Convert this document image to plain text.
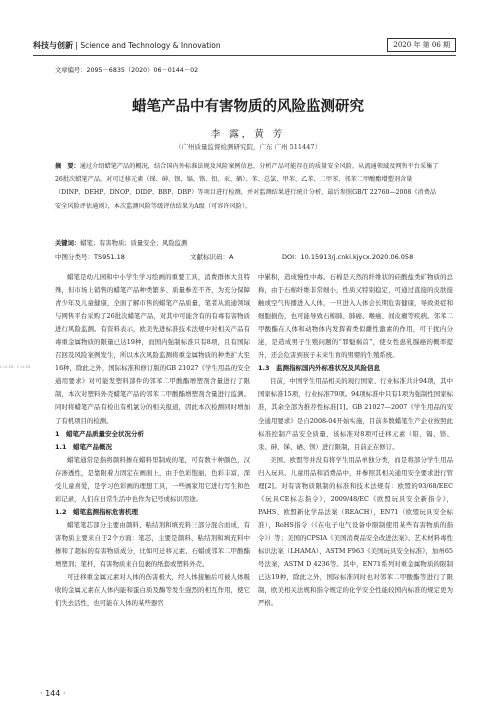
科技与创新 | Science and Technology & Innovation	2020 年 第 06 期
文章编号：2095－6835（2020）06－0144－02
蜡笔产品中有害物质的风险监测研究
李 露，黄 芳
（广州质量监督检测研究院，广东 广州 511447）
摘　要：通过介绍蜡笔产品的概况，结合国内外标准法规及风险案例信息，分析产品可能存在的质量安全风险，从流通领域及网售平台采集了26批次蜡笔产品，对可迁移元素（锑、砷、钡、镉、铬、铅、汞、硒）、苯、总氯、甲苯、乙苯、二甲苯、邻苯二甲酸酯增塑剂含量（DINP、DEHP、DNOP、DIDP、BBP、DBP）等项目进行检测，并对监测结果进行统计分析，最后参照GB/T 22760—2008《消费品安全风险评估通则》，本次监测风险等级评估结果为A级（可容许风险）。
关键词：蜡笔；有害物质；质量安全；风险监测
中图分类号：TS951.18	文献标识码：A	DOI：10.15913/j.cnki.kjycx.2020.06.058
c.o.m. c.o.m

蜡笔是幼儿园和中小学生学习绘画的重要工具，消费群体大且特殊，但市场上销售的蜡笔产品种类繁多、质量参差不齐，为充分保障青少年及儿童健康，全面了解市售的蜡笔产品质量，笔者从流通领域与网售平台采购了26批次蜡笔产品，对其中可能含有的有毒有害物质进行风险监测。有资料表示，欧美先进标准技术法规中对相关产品有毒重金属物质的限量已达19种，而国内强制标准只有8项，且有国际召回及风险案例发生，所以本次风险监测将重金属物质的种类扩大至16种，除此之外，国际标准和修订版的GB 21027《学生用品的安全通用要求》对可能发塑料部件的邻苯二甲酸酯增塑剂含量进行了限制，本次对塑料外壳蜡笔产品的邻苯二甲酸酯增塑剂含量进行监测。同时将蜡笔产品有检出有机氯分的相关报道，因此本次检测同时增加了有机项目的检测。

1　蜡笔产品质量安全状况分析
1.1　蜡笔产品概况

蜡笔通常是指将颜料掺在蜡料里制成的笔，可有数十种颜色，汉存渗透性，是靠附着力固定在画面上，由于色彩饱丽，色彩丰富，深受儿童喜爱，是学习色彩画的理想工具，一些画家用它进行写生和色彩记录，人们在日常生活中也作为记号或标识用途。

1.2　蜡笔监测指标危害机理

蜡笔笔芯部分主要由颜料、粘结剂和填充料三部分混合而成，有害物质主要来自于2个方面：笔芯，主要是颜料、粘结剂和填充料中掺和了超标的有害物质成分，比如可迁移元素、石蜡或邻苯二甲酸酯增塑剂；笔杆，有害物质来自包裹的纸套或塑料外壳。

可迁移重金属元素对人体的伤害极大，经人体接触后可被人体吸收的金属元素在人体内能和蛋白质及酶等发生强烈的相互作用，使它们失去活性，也可能在人体的某些器官

中累积，造成慢性中毒。石棉是天然的纤维状的硅酸盐类矿物质的总称，由于石棉纤维非常细小，性质又特别稳定，可通过直接的皮肤接触或空气传播进入人体，一旦进入人体会长期危害健康，导致炎症和细胞损伤，也可能导致石棉肺、肺癌、喉癌、间皮瘤等疾病。邻苯二甲酸酯在人体和动物体内发挥着类似雌性激素的作用，可干扰内分泌，是造成男子生殖问题的“罪魁祸首”，使女性患乳腺癌的概率提升，还会危害到孩子未来生育的男婴的生殖系统。

1.3　监测指标国内外标准状况及风险信息

目前，中国学生用品相关的现行国家、行业标准共计94项，其中国家标准15项，行业标准79项。94项标准中只有1项为强制性国家标准，其余全部为推荐性标准[1]。GB 21027—2007《学生用品的安全通用要求》是自2008-04开始实施，目前多数蜡笔生产企业按照此标准控制产品安全质量，该标准对8项可迁移元素（铅、镉、铬、汞、砷、锑、硒、钡）进行限制，目前正在修订。

美国、欧盟等并没有将学生用品单独分类，而是将部分学生用品归入玩具、儿童用品和消费品中，并参照其相关通用安全要求进行管理[2]。对有害物质限制的标准和技术法规有：欧盟的93/68/EEC《玩具CE标志指令》，2009/48/EC《欧盟玩具安全新指令》，PAHS、欧盟新化学品法案（REACH），EN71（欧盟玩具安全标准），RoHS指令（《在电子电气设备中限制使用某些有害物质的指令》）等；美国的CPSIA《美国消费品安全改进法案》、艺术材料毒性标识法案（LHAMA）、ASTM F963《美国玩具安全标准》，加州65号法案，ASTM D 4236等。其中，EN71系列对重金属物质的限制已达19种，除此之外，国际标准同时也对邻苯二甲酸酯等进行了限制，欧美相关法规和指令规定的化学安全性能较国内标准的规定更为严格。

· 144 ·
